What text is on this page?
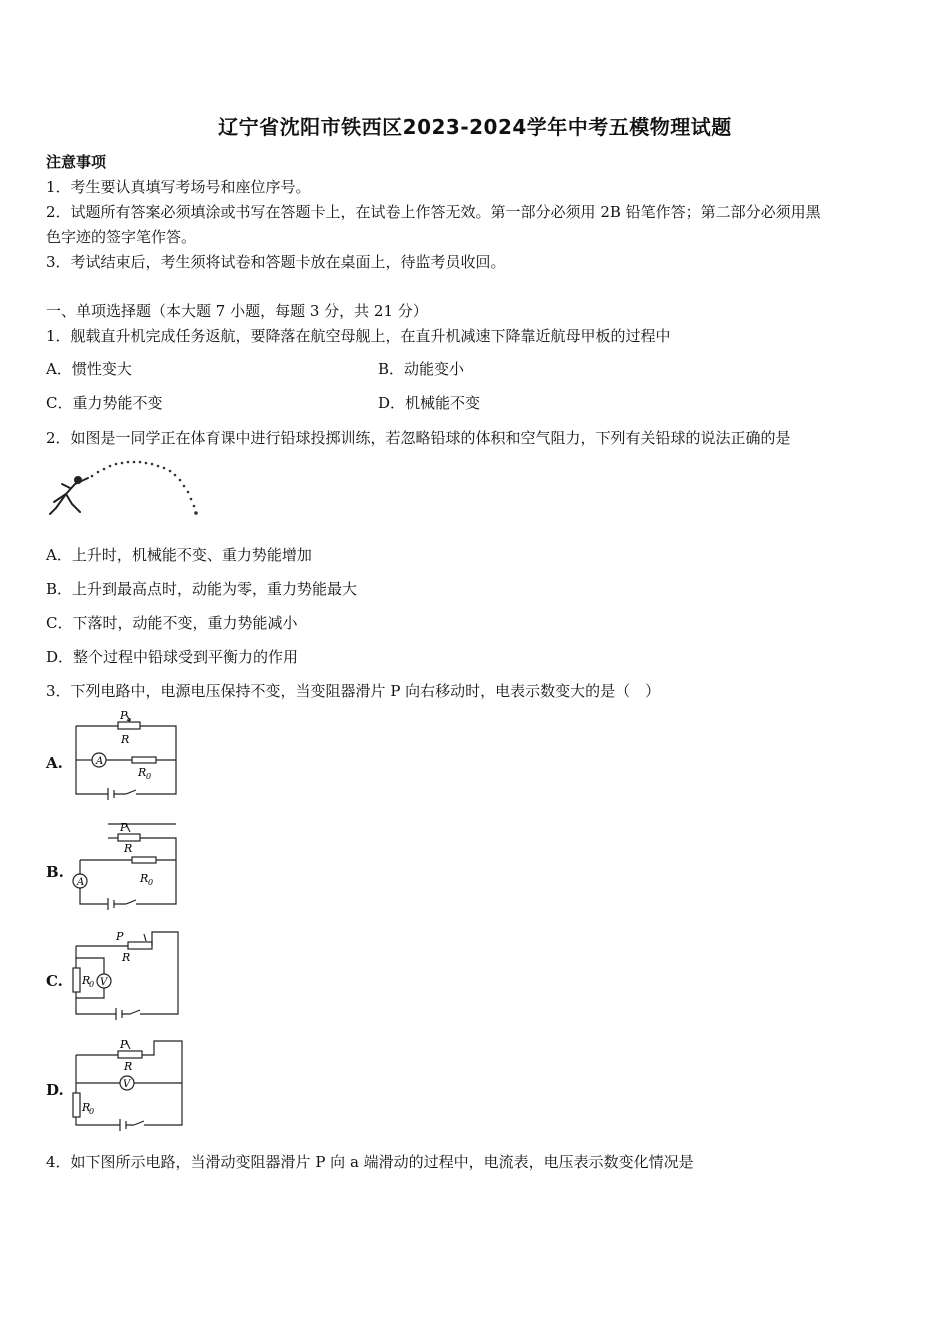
辽宁省沈阳市铁西区2023-2024学年中考五模物理试题
注意事项
1．考生要认真填写考场号和座位序号。
2．试题所有答案必须填涂或书写在答题卡上，在试卷上作答无效。第一部分必须用 2B 铅笔作答；第二部分必须用黑
色字迹的签字笔作答。
3．考试结束后，考生须将试卷和答题卡放在桌面上，待监考员收回。
一、单项选择题（本大题 7 小题，每题 3 分，共 21 分）
1．舰载直升机完成任务返航，要降落在航空母舰上，在直升机减速下降靠近航母甲板的过程中
A．惯性变大	B．动能变小
C．重力势能不变	D．机械能不变
2．如图是一同学正在体育课中进行铅球投掷训练，若忽略铅球的体积和空气阻力，下列有关铅球的说法正确的是
A．上升时，机械能不变、重力势能增加
B．上升到最高点时，动能为零，重力势能最大
C．下落时，动能不变，重力势能减小
D．整个过程中铅球受到平衡力的作用
3．下列电路中，电源电压保持不变，当变阻器滑片 P 向右移动时，电表示数变大的是（　）
A.
P
R
A
R 0
B.
P
R
A	R 0
C.
P
R
R
0 V
D.
P
R
V
R
0
4．如下图所示电路，当滑动变阻器滑片 P 向 a 端滑动的过程中，电流表，电压表示数变化情况是
